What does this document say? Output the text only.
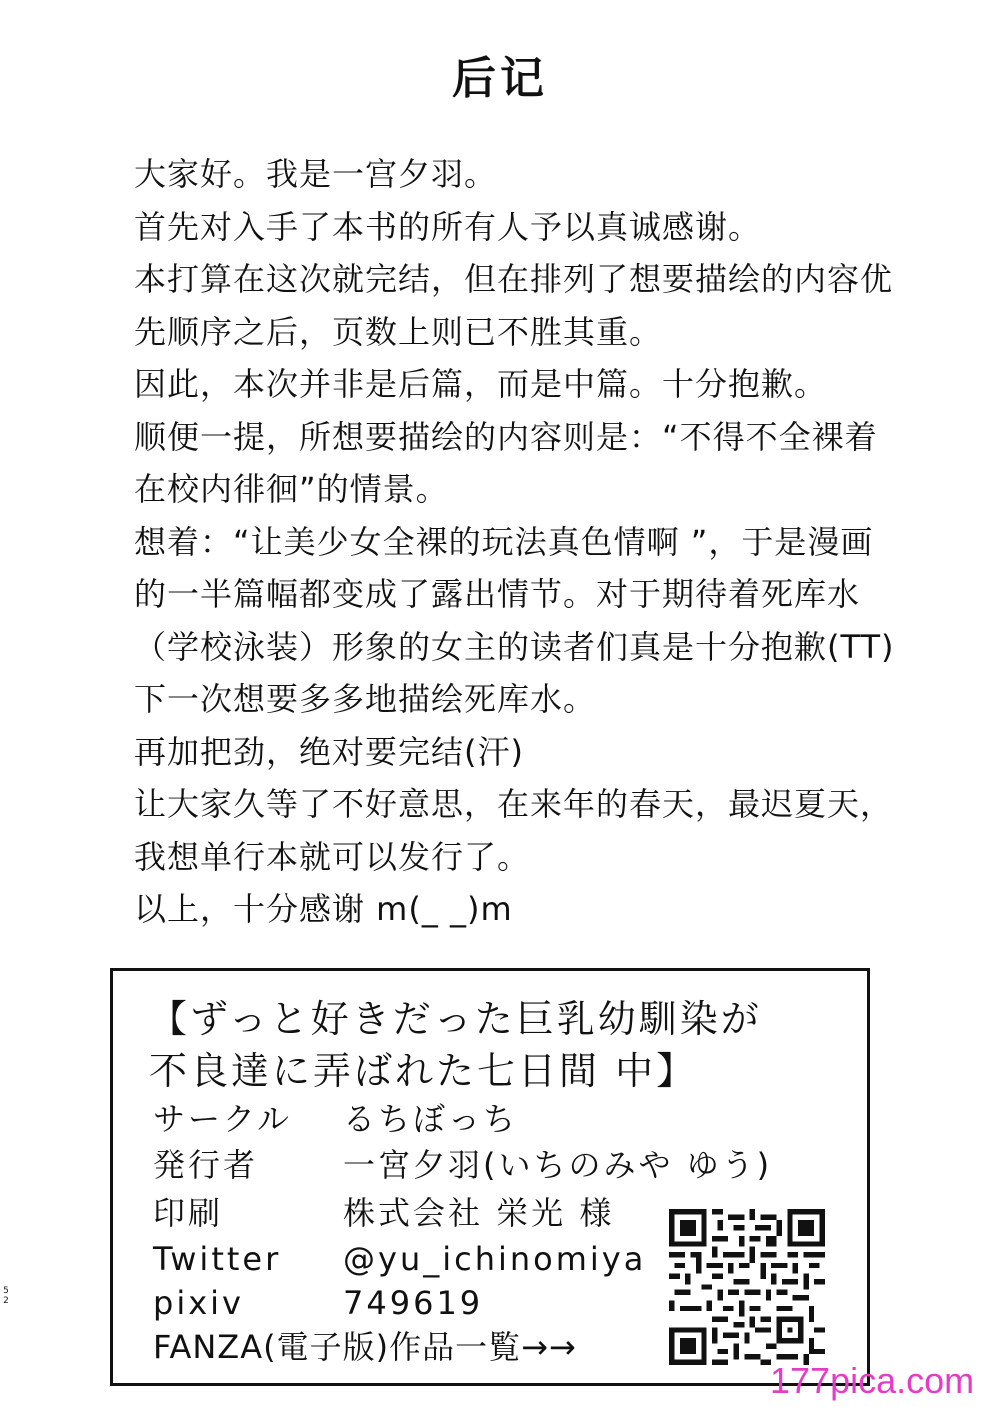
后记
大家好。我是一宫夕羽。
首先对入手了本书的所有人予以真诚感谢。
本打算在这次就完结，但在排列了想要描绘的内容优
先顺序之后，页数上则已不胜其重。
因此，本次并非是后篇，而是中篇。十分抱歉。
顺便一提，所想要描绘的内容则是：“不得不全裸着
在校内徘徊”的情景。
想着：“让美少女全裸的玩法真色情啊 ”，于是漫画
的一半篇幅都变成了露出情节。对于期待着死库水
（学校泳装）形象的女主的读者们真是十分抱歉(TT)
下一次想要多多地描绘死库水。
再加把劲，绝对要完结(汗)
让大家久等了不好意思，在来年的春天，最迟夏天，
我想单行本就可以发行了。
以上，十分感谢 m(_ _)m
【ずっと好きだった巨乳幼馴染が
不良達に弄ばれた七日間 中】
サークル るちぼっち
発行者	一宮夕羽(いちのみや ゆう)
印刷	株式会社 栄光 様
Twitter @yu_ichinomiya
pixiv	749619
FANZA(電子版)作品一覧→→
5
2
177pica.com
